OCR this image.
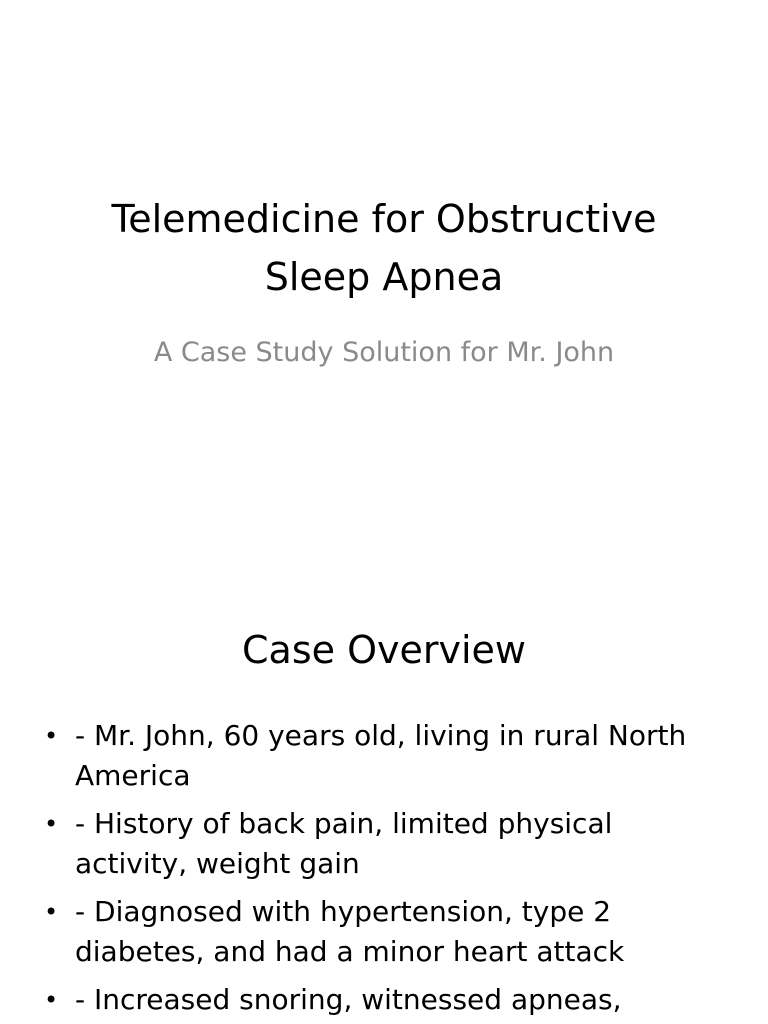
Telemedicine for Obstructive Sleep Apnea

A Case Study Solution for Mr. John

Case Overview
• - Mr. John, 60 years old, living in rural North America
• - History of back pain, limited physical activity, weight gain
• - Diagnosed with hypertension, type 2 diabetes, and had a minor heart attack
• - Increased snoring, witnessed apneas,
